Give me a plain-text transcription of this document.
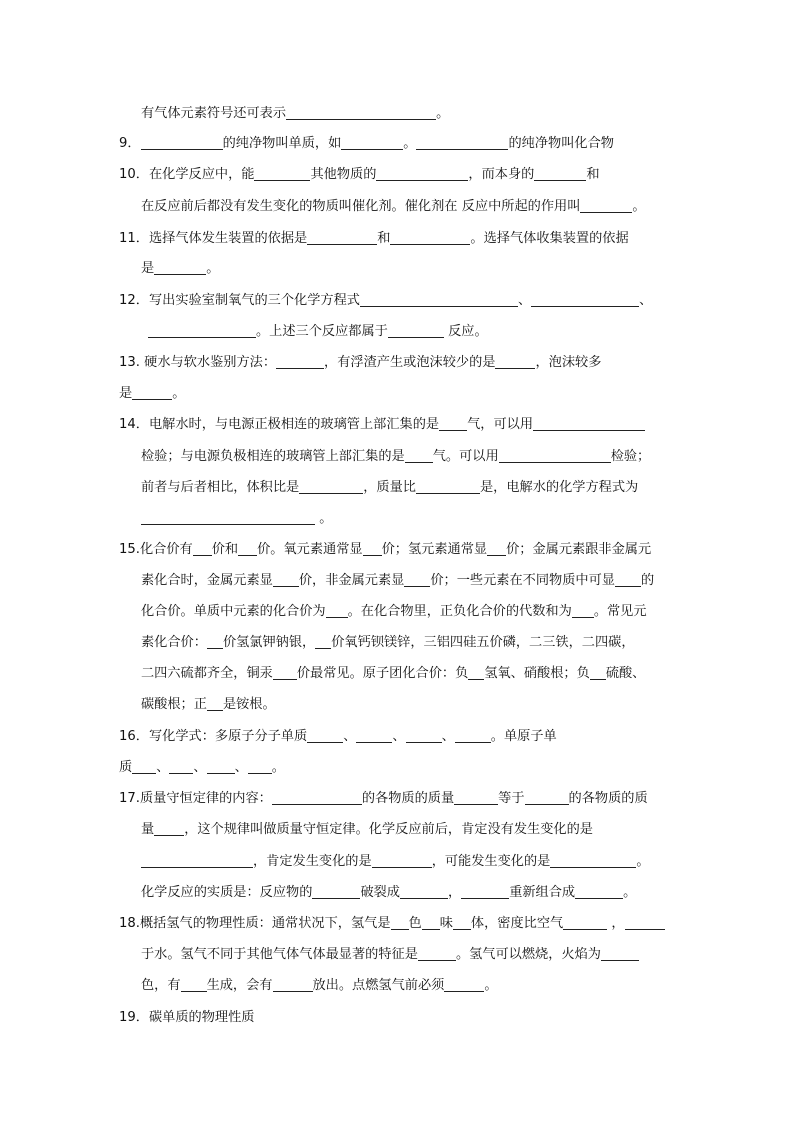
有气体元素符号还可表示	。
9．	的纯净物叫单质，如	。	的纯净物叫化合物
10．在化学反应中，能	其他物质的	，而本身的	和
在反应前后都没有发生变化的物质叫催化剂。催化剂在 反应中所起的作用叫	。
11．选择气体发生装置的依据是	和	。选择气体收集装置的依据
是	。
12．写出实验室制氧气的三个化学方程式	、	、
。上述三个反应都属于	反应。
13. 硬水与软水鉴别方法：	，有浮渣产生或泡沫较少的是	，泡沫较多
是	。
14．电解水时，与电源正极相连的玻璃管上部汇集的是 气，可以用
检验；与电源负极相连的玻璃管上部汇集的是 气。可以用	检验；
前者与后者相比，体积比是	，质量比	是，电解水的化学方程式为
。
15.化合价有 价和 价。氧元素通常显 价；氢元素通常显 价；金属元素跟非金属元
素化合时，金属元素显 价，非金属元素显 价；一些元素在不同物质中可显 的
化合价。单质中元素的化合价为 。在化合物里，正负化合价的代数和为 。常见元
素化合价： 价氢氯钾钠银， 价氧钙钡镁锌，三铝四硅五价磷，二三铁，二四碳，
二四六硫都齐全，铜汞 价最常见。原子团化合价：负 氢氧、硝酸根；负 硫酸、
碳酸根；正 是铵根。
16．写化学式：多原子分子单质	、	、	、	。单原子单
质 、 、 、 。
17.质量守恒定律的内容：	的各物质的质量	等于	的各物质的质
量 ，这个规律叫做质量守恒定律。化学反应前后，肯定没有发生变化的是
，肯定发生变化的是	，可能发生变化的是	。
化学反应的实质是：反应物的	破裂成	，	重新组合成	。
18.概括氢气的物理性质：通常状况下，氢气是 色 味 体，密度比空气	，
于水。氢气不同于其他气体气体最显著的特征是	。氢气可以燃烧，火焰为
色，有 生成，会有	放出。点燃氢气前必须	。
19．碳单质的物理性质
